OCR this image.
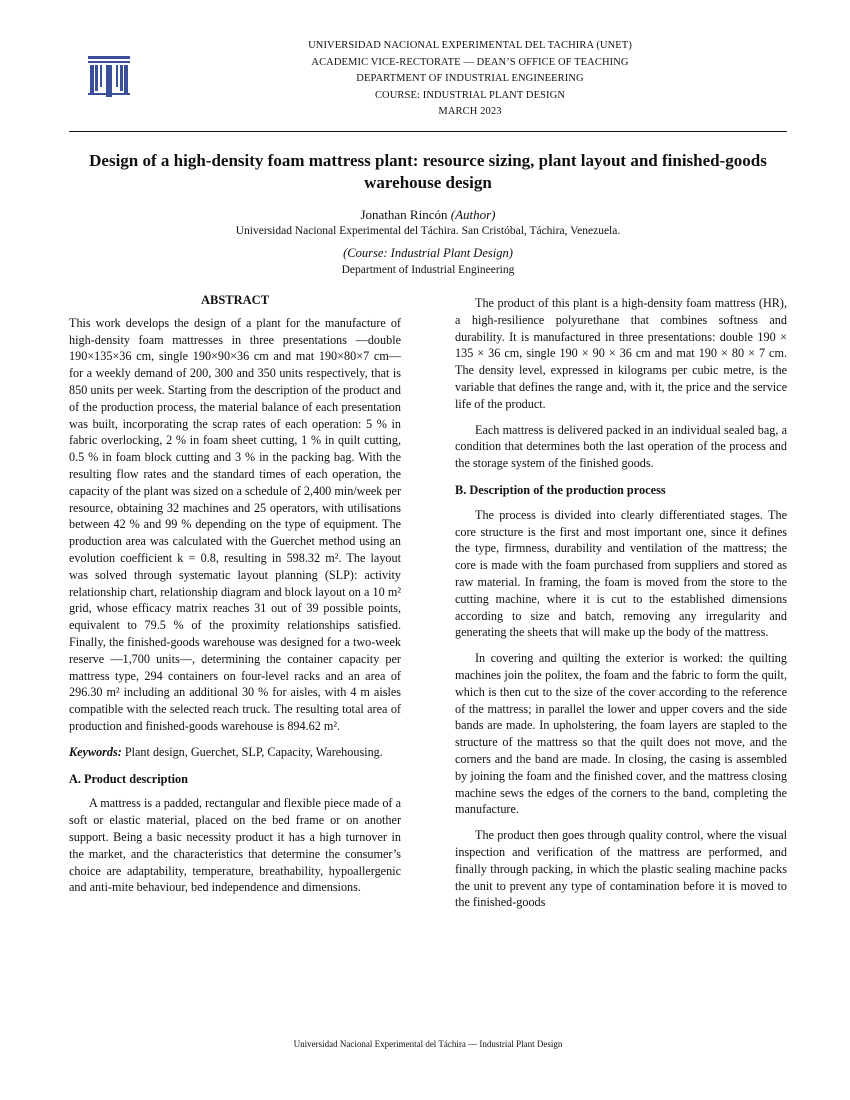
UNIVERSIDAD NACIONAL EXPERIMENTAL DEL TACHIRA (UNET)
ACADEMIC VICE-RECTORATE — DEAN’S OFFICE OF TEACHING
DEPARTMENT OF INDUSTRIAL ENGINEERING
COURSE: INDUSTRIAL PLANT DESIGN
MARCH 2023
Design of a high-density foam mattress plant: resource sizing, plant layout and finished-goods warehouse design
Jonathan Rincón (Author)
Universidad Nacional Experimental del Táchira. San Cristóbal, Táchira, Venezuela.
(Course: Industrial Plant Design)
Department of Industrial Engineering
ABSTRACT

This work develops the design of a plant for the manufacture of high-density foam mattresses in three presentations —double 190×135×36 cm, single 190×90×36 cm and mat 190×80×7 cm— for a weekly demand of 200, 300 and 350 units respectively, that is 850 units per week. Starting from the description of the product and of the production process, the material balance of each presentation was built, incorporating the scrap rates of each operation: 5 % in fabric overlocking, 2 % in foam sheet cutting, 1 % in quilt cutting, 0.5 % in foam block cutting and 3 % in the packing bag. With the resulting flow rates and the standard times of each operation, the capacity of the plant was sized on a schedule of 2,400 min/week per resource, obtaining 32 machines and 25 operators, with utilisations between 42 % and 99 % depending on the type of equipment. The production area was calculated with the Guerchet method using an evolution coefficient k = 0.8, resulting in 598.32 m². The layout was solved through systematic layout planning (SLP): activity relationship chart, relationship diagram and block layout on a 10 m² grid, whose efficacy matrix reaches 31 out of 39 possible points, equivalent to 79.5 % of the proximity relationships satisfied. Finally, the finished-goods warehouse was designed for a two-week reserve —1,700 units—, determining the container capacity per mattress type, 294 containers on four-level racks and an area of 296.30 m² including an additional 30 % for aisles, with 4 m aisles compatible with the selected reach truck. The resulting total area of production and finished-goods warehouse is 894.62 m².

Keywords: Plant design, Guerchet, SLP, Capacity, Warehousing.

A. Product description

A mattress is a padded, rectangular and flexible piece made of a soft or elastic material, placed on the bed frame or on another support. Being a basic necessity product it has a high turnover in the market, and the characteristics that determine the consumer’s choice are adaptability, temperature, breathability, hypoallergenic and anti-mite behaviour, bed independence and dimensions.

The product of this plant is a high-density foam mattress (HR), a high-resilience polyurethane that combines softness and durability. It is manufactured in three presentations: double 190 × 135 × 36 cm, single 190 × 90 × 36 cm and mat 190 × 80 × 7 cm. The density level, expressed in kilograms per cubic metre, is the variable that defines the range and, with it, the price and the service life of the product.

Each mattress is delivered packed in an individual sealed bag, a condition that determines both the last operation of the process and the storage system of the finished goods.

B. Description of the production process

The process is divided into clearly differentiated stages. The core structure is the first and most important one, since it defines the type, firmness, durability and ventilation of the mattress; the core is made with the foam purchased from suppliers and stored as raw material. In framing, the foam is moved from the store to the cutting machine, where it is cut to the established dimensions according to size and batch, removing any irregularity and generating the sheets that will make up the body of the mattress.

In covering and quilting the exterior is worked: the quilting machines join the politex, the foam and the fabric to form the quilt, which is then cut to the size of the cover according to the reference of the mattress; in parallel the lower and upper covers and the side bands are made. In upholstering, the foam layers are stapled to the structure of the mattress so that the quilt does not move, and the corners and the band are made. In closing, the casing is assembled by joining the foam and the finished cover, and the mattress closing machine sews the edges of the corners to the band, completing the manufacture.

The product then goes through quality control, where the visual inspection and verification of the mattress are performed, and finally through packing, in which the plastic sealing machine packs the unit to prevent any type of contamination before it is moved to the finished-goods

Universidad Nacional Experimental del Táchira — Industrial Plant Design
